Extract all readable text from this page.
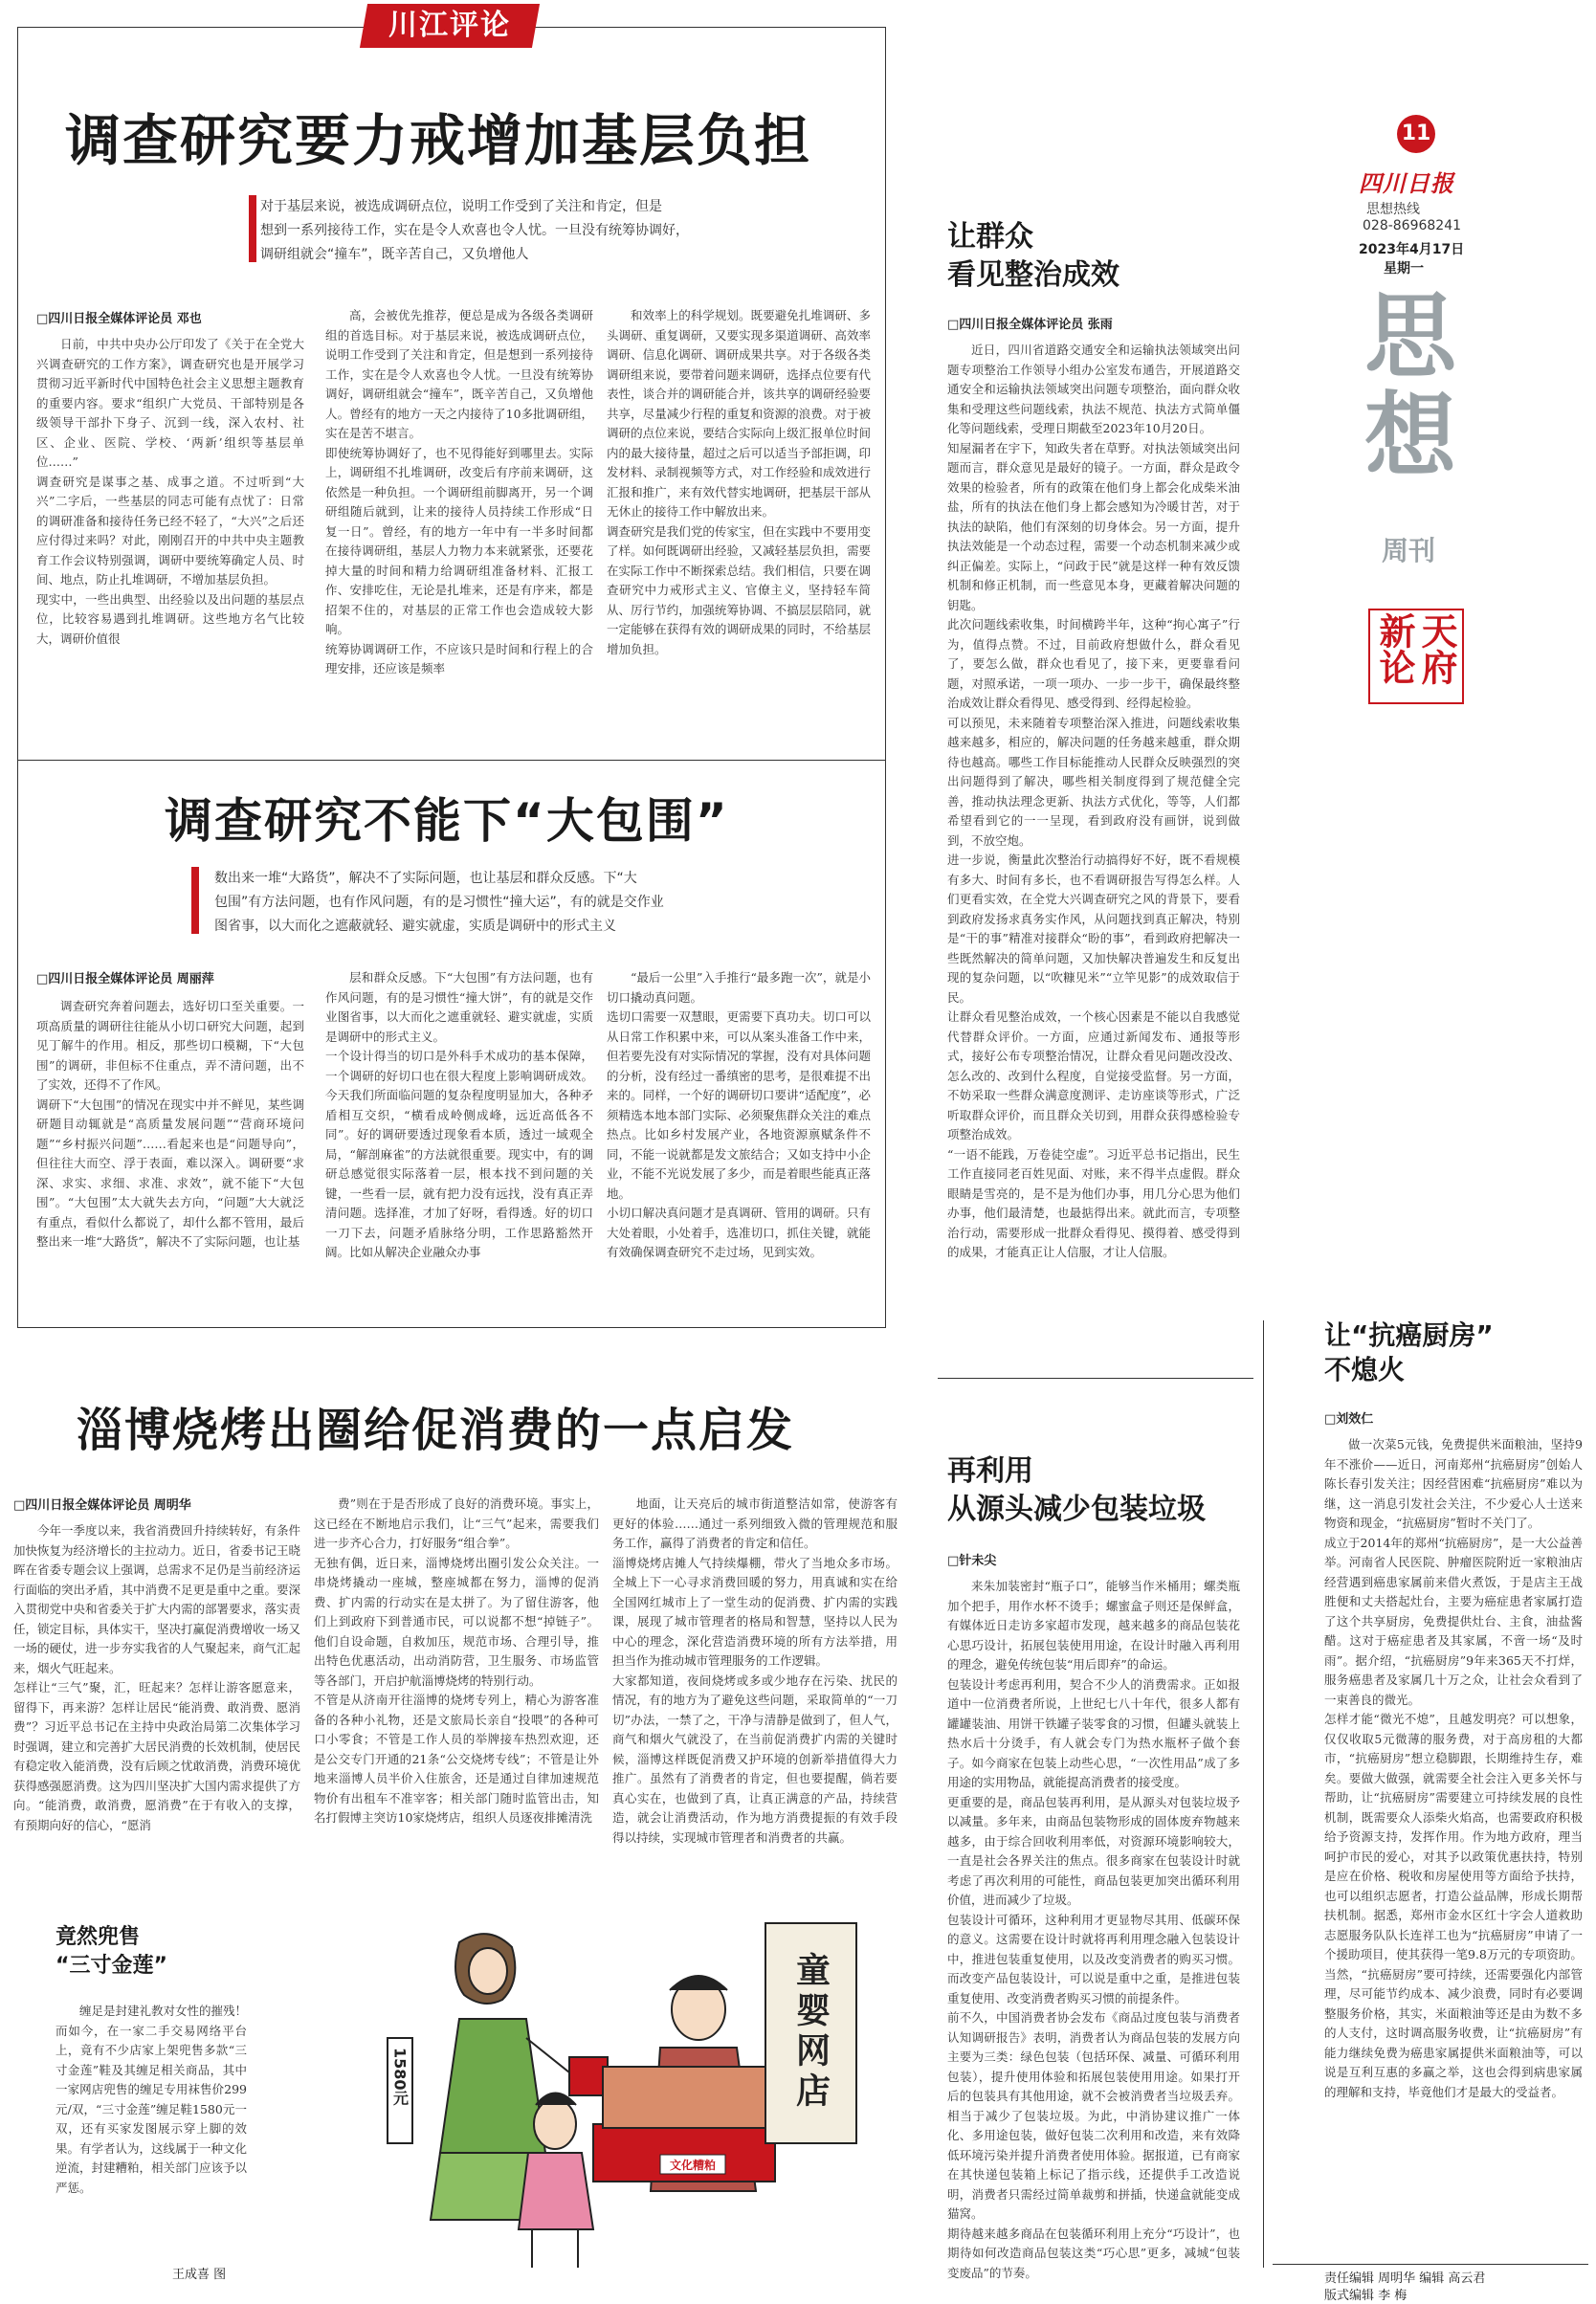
川江评论
调查研究要力戒增加基层负担
对于基层来说，被选成调研点位，说明工作受到了关注和肯定，但是
想到一系列接待工作，实在是令人欢喜也令人忧。一旦没有统筹协调好，
调研组就会“撞车”，既辛苦自己，又负增他人
□四川日报全媒体评论员 邓也
日前，中共中央办公厅印发了《关于在全党大兴调查研究的工作方案》，调查研究也是开展学习贯彻习近平新时代中国特色社会主义思想主题教育的重要内容。要求“组织广大党员、干部特别是各级领导干部扑下身子、沉到一线，深入农村、社区、企业、医院、学校、‘两新’组织等基层单位……”
调查研究是谋事之基、成事之道。不过听到“大兴”二字后，一些基层的同志可能有点忧了：日常的调研准备和接待任务已经不轻了，“大兴”之后还应付得过来吗？对此，刚刚召开的中共中央主题教育工作会议特别强调，调研中要统筹确定人员、时间、地点，防止扎堆调研，不增加基层负担。
现实中，一些出典型、出经验以及出问题的基层点位，比较容易遇到扎堆调研。这些地方名气比较大，调研价值很
高，会被优先推荐，便总是成为各级各类调研组的首选目标。对于基层来说，被选成调研点位，说明工作受到了关注和肯定，但是想到一系列接待工作，实在是令人欢喜也令人忧。一旦没有统筹协调好，调研组就会“撞车”，既辛苦自己，又负增他人。曾经有的地方一天之内接待了10多批调研组，实在是苦不堪言。
即使统筹协调好了，也不见得能好到哪里去。实际上，调研组不扎堆调研，改变后有序前来调研，这依然是一种负担。一个调研组前脚离开，另一个调研组随后就到，让来的接待人员持续工作形成“日复一日”。曾经，有的地方一年中有一半多时间都在接待调研组，基层人力物力本来就紧张，还要花掉大量的时间和精力给调研组准备材料、汇报工作、安排吃住，无论是扎堆来，还是有序来，都是招架不住的，对基层的正常工作也会造成较大影响。
统筹协调调研工作，不应该只是时间和行程上的合理安排，还应该是频率
和效率上的科学规划。既要避免扎堆调研、多头调研、重复调研，又要实现多渠道调研、高效率调研、信息化调研、调研成果共享。对于各级各类调研组来说，要带着问题来调研，选择点位要有代表性，谈合并的调研能合并，该共享的调研经验要共享，尽量减少行程的重复和资源的浪费。对于被调研的点位来说，要结合实际向上级汇报单位时间内的最大接待量，超过之后可以适当予部拒调，印发材料、录制视频等方式，对工作经验和成效进行汇报和推广，来有效代替实地调研，把基层干部从无休止的接待工作中解放出来。
调查研究是我们党的传家宝，但在实践中不要用变了样。如何既调研出经验，又减轻基层负担，需要在实际工作中不断探索总结。我们相信，只要在调查研究中力戒形式主义、官僚主义，坚持轻车简从、厉行节约，加强统筹协调、不搞层层陪同，就一定能够在获得有效的调研成果的同时，不给基层增加负担。
调查研究不能下“大包围”
数出来一堆“大路货”，解决不了实际问题，也让基层和群众反感。下“大
包围”有方法问题，也有作风问题，有的是习惯性“撞大运”，有的就是交作业
图省事，以大而化之遮蔽就轻、避实就虚，实质是调研中的形式主义
□四川日报全媒体评论员 周丽萍
调查研究奔着问题去，选好切口至关重要。一项高质量的调研往往能从小切口研究大问题，起到见丁解牛的作用。相反，那些切口模糊，下“大包围”的调研，非但标不住重点，弄不清问题，出不了实效，还得不了作风。
调研下“大包围”的情况在现实中并不鲜见，某些调研题目动辄就是“高质量发展问题”“营商环境问题”“乡村振兴问题”……看起来也是“问题导向”，但往往大而空、浮于表面，难以深入。调研要“求深、求实、求细、求准、求效”，就不能下“大包围”。“大包围”太大就失去方向，“问题”大大就泛有重点，看似什么都说了，却什么都不管用，最后整出来一堆“大路货”，解决不了实际问题，也让基
层和群众反感。下“大包围”有方法问题，也有作风问题，有的是习惯性“撞大饼”，有的就是交作业图省事，以大而化之遮重就轻、避实就虚，实质是调研中的形式主义。
一个设计得当的切口是外科手术成功的基本保障，一个调研的好切口也在很大程度上影响调研成效。今天我们所面临问题的复杂程度明显加大，各种矛盾相互交织，“横看成岭侧成峰，远近高低各不同”。好的调研要透过现象看本质，透过一域观全局，“解剖麻雀”的方法就很重要。现实中，有的调研总感觉很实际落着一层，根本找不到问题的关键，一些看一层，就有把力没有远找，没有真正弄清问题。选择准，才加了好呀，看得透。好的切口一刀下去，问题矛盾脉络分明，工作思路豁然开阔。比如从解决企业融众办事
“最后一公里”入手推行“最多跑一次”，就是小切口撬动真问题。
选切口需要一双慧眼，更需要下真功夫。切口可以从日常工作积累中来，可以从案头准备工作中来，但若要先没有对实际情况的掌握，没有对具体问题的分析，没有经过一番缜密的思考，是很难提不出来的。同样，一个好的调研切口要讲“适配度”，必须精选本地本部门实际、必须聚焦群众关注的难点热点。比如乡村发展产业，各地资源禀赋条件不同，不能一说就都是发文旅结合；又如支持中小企业，不能不光说发展了多少，而是着眼些能真正落地。
小切口解决真问题才是真调研、管用的调研。只有大处着眼，小处着手，选准切口，抓住关键，就能有效确保调查研究不走过场，见到实效。
淄博烧烤出圈给促消费的一点启发
□四川日报全媒体评论员 周明华
今年一季度以来，我省消费回升持续转好，有条件加快恢复为经济增长的主拉动力。近日，省委书记王晓晖在省委专题会议上强调，总需求不足仍是当前经济运行面临的突出矛盾，其中消费不足更是重中之重。要深入贯彻党中央和省委关于扩大内需的部署要求，落实责任，锁定目标，具体实干，坚决打赢促消费增收一场又一场的硬仗，进一步夯实我省的人气聚起来，商气汇起来，烟火气旺起来。
怎样让“三气”聚，汇，旺起来？怎样让游客愿意来，留得下，再来游？怎样让居民“能消费、敢消费、愿消费”？习近平总书记在主持中央政治局第二次集体学习时强调，建立和完善扩大居民消费的长效机制，使居民有稳定收入能消费，没有后顾之忧敢消费，消费环境优获得感强愿消费。这为四川坚决扩大国内需求提供了方向。“能消费，敢消费，愿消费”在于有收入的支撑，有预期向好的信心，“愿消
费”则在于是否形成了良好的消费环境。事实上，这已经在不断地启示我们，让“三气”起来，需要我们进一步齐心合力，打好服务“组合拳”。
无独有偶，近日来，淄博烧烤出圈引发公众关注。一串烧烤撬动一座城，整座城都在努力，淄博的促消费、扩内需的行动实在是太拼了。为了留住游客，他们上到政府下到普通市民，可以说都不想“掉链子”。他们自设命题，自救加压，规范市场、合理引导，推出特色优惠活动，出动消防营，卫生服务、市场监管等各部门，开启护航淄博烧烤的特别行动。
不管是从济南开往淄博的烧烤专列上，精心为游客准备的各种小礼物，还是文旅局长亲自“投喂”的各种可口小零食；不管是工作人员的举牌接车热烈欢迎，还是公交专门开通的21条“公交烧烤专线”；不管是让外地来淄博人员半价入住旅舍，还是通过自律加速规范物价有出租车不准宰客；相关部门随时监管出击，知名打假博主突访10家烧烤店，组织人员逐夜排摊清洗
地面，让天亮后的城市街道整洁如常，使游客有更好的体验……通过一系列细致入微的管理规范和服务工作，赢得了消费者的肯定和信任。
淄博烧烤店摊人气持续爆棚，带火了当地众多市场。全城上下一心寻求消费回暖的努力，用真诚和实在给全国网红城市上了一堂生动的促消费、扩内需的实践课，展现了城市管理者的格局和智慧，坚持以人民为中心的理念，深化营造消费环境的所有方法举措，用担当作为推动城市管理服务的工作逻辑。
大家都知道，夜间烧烤或多或少地存在污染、扰民的情况，有的地方为了避免这些问题，采取简单的“一刀切”办法，一禁了之，干净与清静是做到了，但人气，商气和烟火气就没了，在当前促消费扩内需的关键时候，淄博这样既促消费又护环境的创新举措值得大力推广。虽然有了消费者的肯定，但也要提醒，倘若要真心实在，也做到了真，让真正满意的产品，持续营造，就会让消费活动，作为地方消费提振的有效手段得以持续，实现城市管理者和消费者的共赢。
竟然兜售
“三寸金莲”
缠足是封建礼教对女性的摧残！而如今，在一家二手交易网络平台上，竟有不少店家上架兜售多款“三寸金莲”鞋及其缠足相关商品，其中一家网店兜售的缠足专用袜售价299元/双，“三寸金莲”缠足鞋1580元一双，还有买家发图展示穿上脚的效果。有学者认为，这线属于一种文化逆流，封建糟粕，相关部门应该予以严惩。
王成喜 图
文化糟粕
1580元	童婴网店
让群众
看见整治成效
□四川日报全媒体评论员 张雨
近日，四川省道路交通安全和运输执法领域突出问题专项整治工作领导小组办公室发布通告，开展道路交通安全和运输执法领域突出问题专项整治，面向群众收集和受理这些问题线索，执法不规范、执法方式简单僵化等问题线索，受理日期截至2023年10月20日。
知屋漏者在宇下，知政失者在草野。对执法领域突出问题而言，群众意见是最好的镜子。一方面，群众是政令效果的检验者，所有的政策在他们身上都会化成柴米油盐，所有的执法在他们身上都会感知为冷暖甘苦，对于执法的缺陷，他们有深刻的切身体会。另一方面，提升执法效能是一个动态过程，需要一个动态机制来减少或纠正偏差。实际上，“问政于民”就是这样一种有效反馈机制和修正机制，而一些意见本身，更藏着解决问题的钥匙。
此次问题线索收集，时间横跨半年，这种“拘心寓子”行为，值得点赞。不过，目前政府想做什么，群众看见了，要怎么做，群众也看见了，接下来，更要靠看问题，对照承诺，一项一项办、一步一步干，确保最终整治成效让群众看得见、感受得到、经得起检验。
可以预见，未来随着专项整治深入推进，问题线索收集越来越多，相应的，解决问题的任务越来越重，群众期待也越高。哪些工作目标能推动人民群众反映强烈的突出问题得到了解决，哪些相关制度得到了规范健全完善，推动执法理念更新、执法方式优化，等等，人们都希望看到它的一一呈现，看到政府没有画饼，说到做到，不放空炮。
进一步说，衡量此次整治行动搞得好不好，既不看规模有多大、时间有多长，也不看调研报告写得怎么样。人们更看实效，在全党大兴调查研究之风的背景下，要看到政府发扬求真务实作风，从问题找到真正解决，特别是“干的事”精准对接群众“盼的事”，看到政府把解决一些既然解决的简单问题，又加快解决普遍发生和反复出现的复杂问题，以“吹糠见米”“立竿见影”的成效取信于民。
让群众看见整治成效，一个核心因素是不能以自我感觉代替群众评价。一方面，应通过新闻发布、通报等形式，接好公布专项整治情况，让群众看见问题改没改、怎么改的、改到什么程度，自觉接受监督。另一方面，不妨采取一些群众满意度测评、走访座谈等形式，广泛听取群众评价，而且群众关切到，用群众获得感检验专项整治成效。
“一语不能践，万卷徒空虚”。习近平总书记指出，民生工作直接同老百姓见面、对账，来不得半点虚假。群众眼睛是雪亮的，是不是为他们办事，用几分心思为他们办事，他们最清楚，也最掂得出来。就此而言，专项整治行动，需要形成一批群众看得见、摸得着、感受得到的成果，才能真正让人信服，才让人信服。
再利用
从源头减少包装垃圾
□针未尖
来朱加装密封“瓶子口”，能够当作米桶用；螺类瓶加个把手，用作水杯不烫手；螺蜜盒子则还是保鲜盒，有媒体近日走访多家超市发现，越来越多的商品包装花心思巧设计，拓展包装使用用途，在设计时融入再利用的理念，避免传统包装“用后即弃”的命运。
包装设计考虑再利用，契合不少人的消费需求。正如报道中一位消费者所说，上世纪七八十年代，很多人都有罐罐装油、用饼干铁罐子装零食的习惯，但罐头就装上热水后十分烫手，有人就会专门为热水瓶杯子做个套子。如今商家在包装上动些心思，“一次性用品”成了多用途的实用物品，就能提高消费者的接受度。
更重要的是，商品包装再利用，是从源头对包装垃圾予以减量。多年来，由商品包装物形成的固体废弃物越来越多，由于综合回收利用率低，对资源环境影响较大，一直是社会各界关注的焦点。很多商家在包装设计时就考虑了再次利用的可能性，商品包装更加突出循环利用价值，进而减少了垃圾。
包装设计可循环，这种利用才更显物尽其用、低碳环保的意义。这需要在设计时就将再利用理念融入包装设计中，推进包装重复使用，以及改变消费者的购买习惯。而改变产品包装设计，可以说是重中之重，是推进包装重复使用、改变消费者购买习惯的前提条件。
前不久，中国消费者协会发布《商品过度包装与消费者认知调研报告》表明，消费者认为商品包装的发展方向主要为三类：绿色包装（包括环保、减量、可循环利用包装），提升使用体验和拓展包装使用用途。如果打开后的包装具有其他用途，就不会被消费者当垃圾丢弃。相当于减少了包装垃圾。为此，中消协建议推广一体化、多用途包装，做好包装二次利用和改造，来有效降低环境污染并提升消费者使用体验。据报道，已有商家在其快递包装箱上标记了指示线，还提供手工改造说明，消费者只需经过简单裁剪和拼插，快递盒就能变成猫窝。
期待越来越多商品在包装循环利用上充分“巧设计”，也期待如何改造商品包装这类“巧心思”更多，减城“包装变废品”的节奏。
11
四川日报
思想热线
028-86968241
2023年4月17日
星期一
思
想
周刊
天府
新论
让“抗癌厨房”
不熄火
□刘效仁
做一次菜5元钱，免费提供米面粮油，坚持9年不涨价——近日，河南郑州“抗癌厨房”创始人陈长春引发关注；因经营困难“抗癌厨房”难以为继，这一消息引发社会关注，不少爱心人士送来物资和现金，“抗癌厨房”暂时不关门了。
成立于2014年的郑州“抗癌厨房”，是一大公益善举。河南省人民医院、肿瘤医院附近一家粮油店经营遇到癌患家属前来借火煮饭，于是店主王战胜便和丈夫搭起灶台，主要为癌症患者家属打造了这个共享厨房，免费提供灶台、主食，油盐酱醋。这对于癌症患者及其家属，不啻一场“及时雨”。据介绍，“抗癌厨房”9年来365天不打烊，服务癌患者及家属几十万之众，让社会众看到了一束善良的微光。
怎样才能“微光不熄”，且越发明亮？可以想象，仅仅收取5元微薄的服务费，对于高房租的大都市，“抗癌厨房”想立稳脚跟，长期维持生存，难矣。要做大做强，就需要全社会注入更多关怀与帮助，让“抗癌厨房”需要建立可持续发展的良性机制，既需要众人添柴火焰高，也需要政府积极给予资源支持，发挥作用。作为地方政府，理当呵护市民的爱心，对其予以政策优惠扶持，特别是应在价格、税收和房屋使用等方面给予扶持，也可以组织志愿者，打造公益品牌，形成长期帮扶机制。据悉，郑州市金水区红十字会人道救助志愿服务队队长连祥工也为“抗癌厨房”申请了一个援助项目，使其获得一笔9.8万元的专项资助。
当然，“抗癌厨房”要可持续，还需要强化内部管理，尽可能节约成本、减少浪费，同时有必要调整服务价格，其实，米面粮油等还是由为数不多的人支付，这时调高服务收费，让“抗癌厨房”有能力继续免费为癌患家属提供米面粮油等，可以说是互利互惠的多赢之举，这也会得到病患家属的理解和支持，毕竟他们才是最大的受益者。
责任编辑 周明华 编辑 高云君
版式编辑 李 梅
